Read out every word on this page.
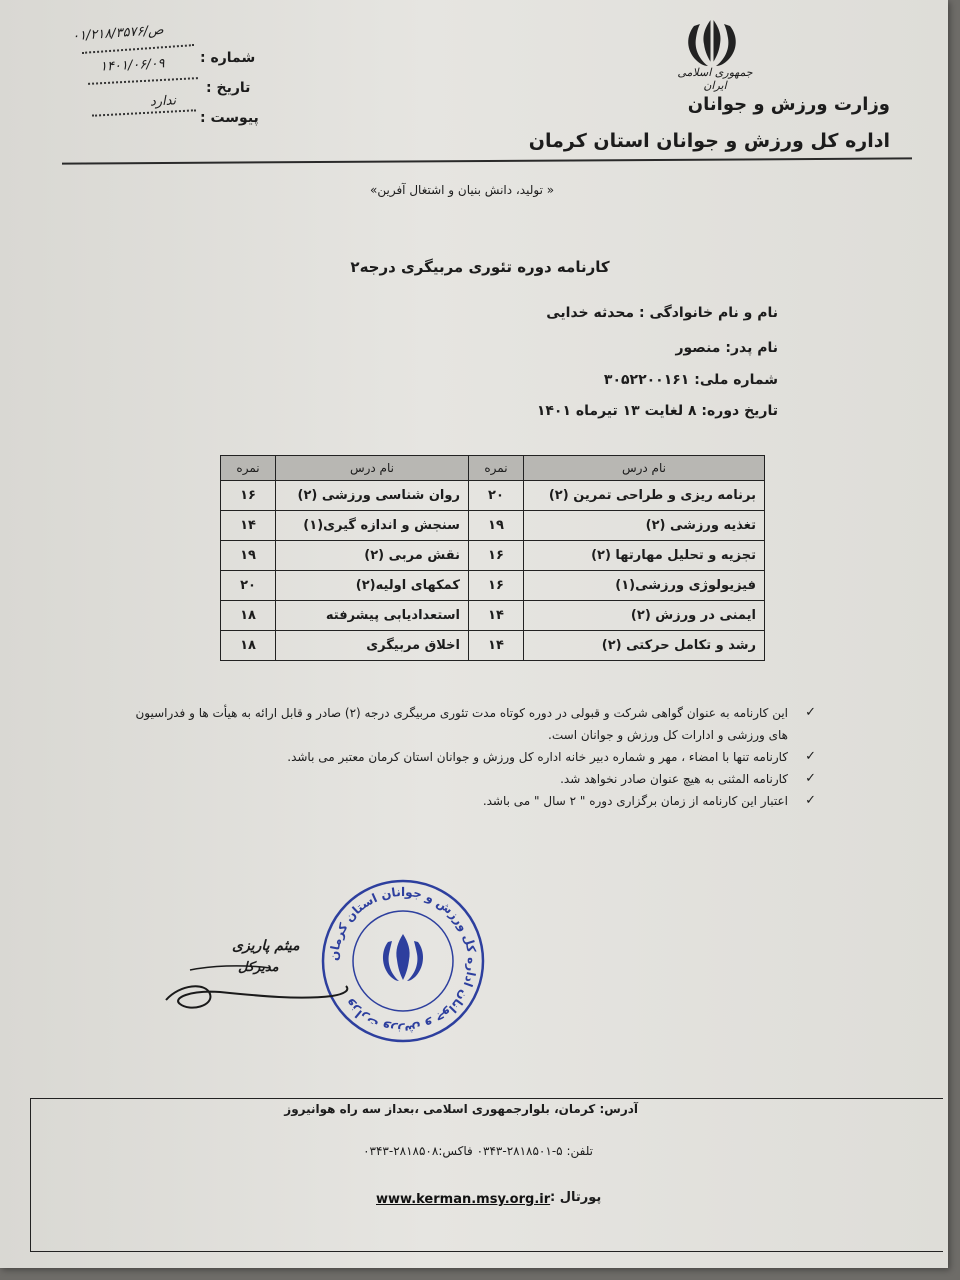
جمهوری اسلامی ایران
وزارت ورزش و جوانان
اداره کل ورزش و جوانان استان کرمان
شماره :
۰۱/۲۱۸/۳۵۷۶/ص
تاریخ :
۱۴۰۱/۰۶/۰۹
پیوست :
ندارد
« تولید، دانش بنیان و اشتغال آفرین»
کارنامه دوره تئوری مربیگری درجه۲
نام و نام خانوادگی : محدثه خدایی
نام پدر: منصور
شماره ملی: ۳۰۵۲۲۰۰۱۶۱
تاریخ دوره: ۸ لغایت ۱۳ تیرماه ۱۴۰۱
نام درس	نمره	نام درس	نمره
برنامه ریزی و طراحی تمرین (۲)	۲۰	روان شناسی ورزشی (۲)	۱۶
تغذیه ورزشی (۲)	۱۹	سنجش و اندازه گیری(۱)	۱۴
تجزیه و تحلیل مهارتها (۲)	۱۶	نقش مربی (۲)	۱۹
فیزیولوژی ورزشی(۱)	۱۶	کمکهای اولیه(۲)	۲۰
ایمنی در ورزش (۲)	۱۴	استعدادیابی پیشرفته	۱۸
رشد و تکامل حرکتی (۲)	۱۴	اخلاق مربیگری	۱۸
✓
این کارنامه به عنوان گواهی شرکت و قبولی در دوره کوتاه مدت تئوری مربیگری درجه (۲) صادر و قابل ارائه به هیأت ها و فدراسیون های ورزشی و ادارات کل ورزش و جوانان است.
✓
کارنامه تنها با امضاء ، مهر و شماره دبیر خانه اداره کل ورزش و جوانان استان کرمان معتبر می باشد.
✓
کارنامه المثنی به هیچ عنوان صادر نخواهد شد.
✓
اعتبار این کارنامه از زمان برگزاری دوره " ۲ سال " می باشد.
وزارت ورزش و جوانان اداره کل ورزش و جوانان استان کرمان
میثم پاریزی
مدیرکل
آدرس: کرمان، بلوارجمهوری اسلامی ،بعداز سه راه هوانیروز
تلفن: ۵-۲۸۱۸۵۰۱-۰۳۴۳ فاکس:۲۸۱۸۵۰۸-۰۳۴۳
پورتال :
www.kerman.msy.org.ir
